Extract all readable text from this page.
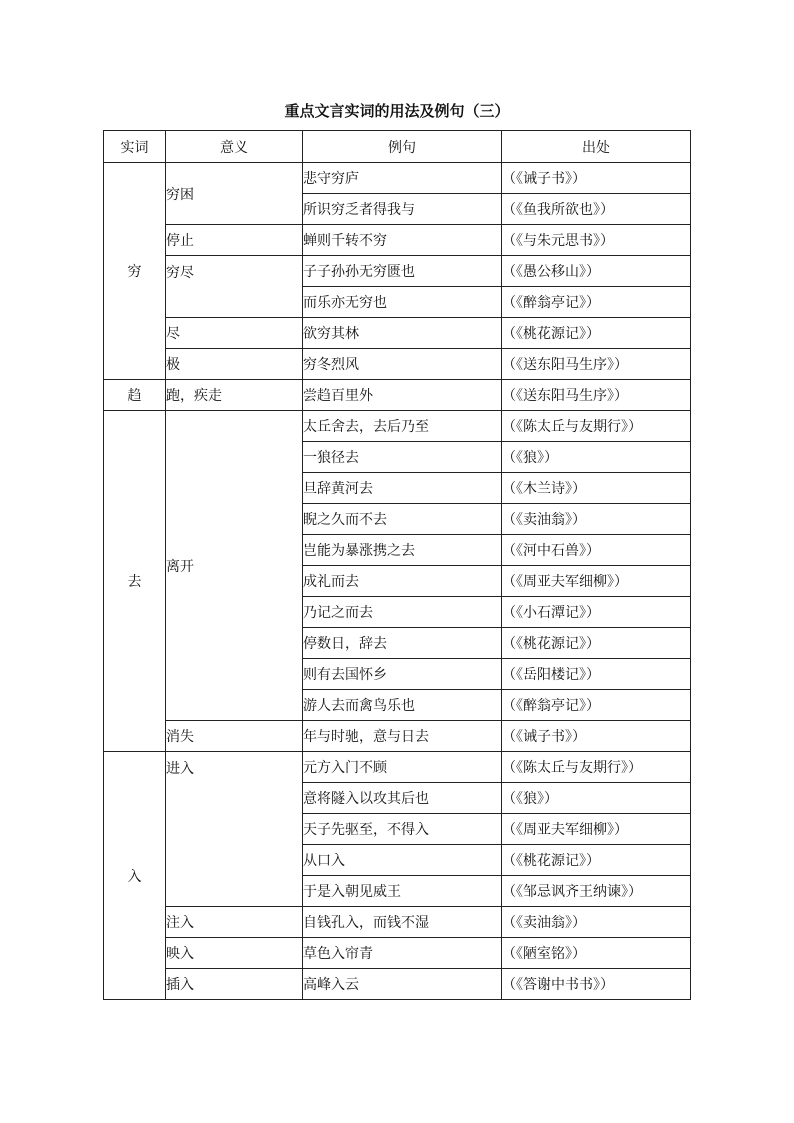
重点文言实词的用法及例句（三）
实词	意义	例句	出处
穷	穷困	悲守穷庐	（《诫子书》）
		所识穷乏者得我与	（《鱼我所欲也》）
	停止	蝉则千转不穷	（《与朱元思书》）
	穷尽	子子孙孙无穷匮也	（《愚公移山》）
		而乐亦无穷也	（《醉翁亭记》）
	尽	欲穷其林	（《桃花源记》）
	极	穷冬烈风	（《送东阳马生序》）
趋	跑，疾走	尝趋百里外	（《送东阳马生序》）
去	离开	太丘舍去，去后乃至	（《陈太丘与友期行》）
		一狼径去	（《狼》）
		旦辞黄河去	（《木兰诗》）
		睨之久而不去	（《卖油翁》）
		岂能为暴涨携之去	（《河中石兽》）
		成礼而去	（《周亚夫军细柳》）
		乃记之而去	（《小石潭记》）
		停数日，辞去	（《桃花源记》）
		则有去国怀乡	（《岳阳楼记》）
		游人去而禽鸟乐也	（《醉翁亭记》）
	消失	年与时驰，意与日去	（《诫子书》）
入	进入	元方入门不顾	（《陈太丘与友期行》）
		意将隧入以攻其后也	（《狼》）
		天子先驱至，不得入	（《周亚夫军细柳》）
		从口入	（《桃花源记》）
		于是入朝见威王	（《邹忌讽齐王纳谏》）
	注入	自钱孔入，而钱不湿	（《卖油翁》）
	映入	草色入帘青	（《陋室铭》）
	插入	高峰入云	（《答谢中书书》）
